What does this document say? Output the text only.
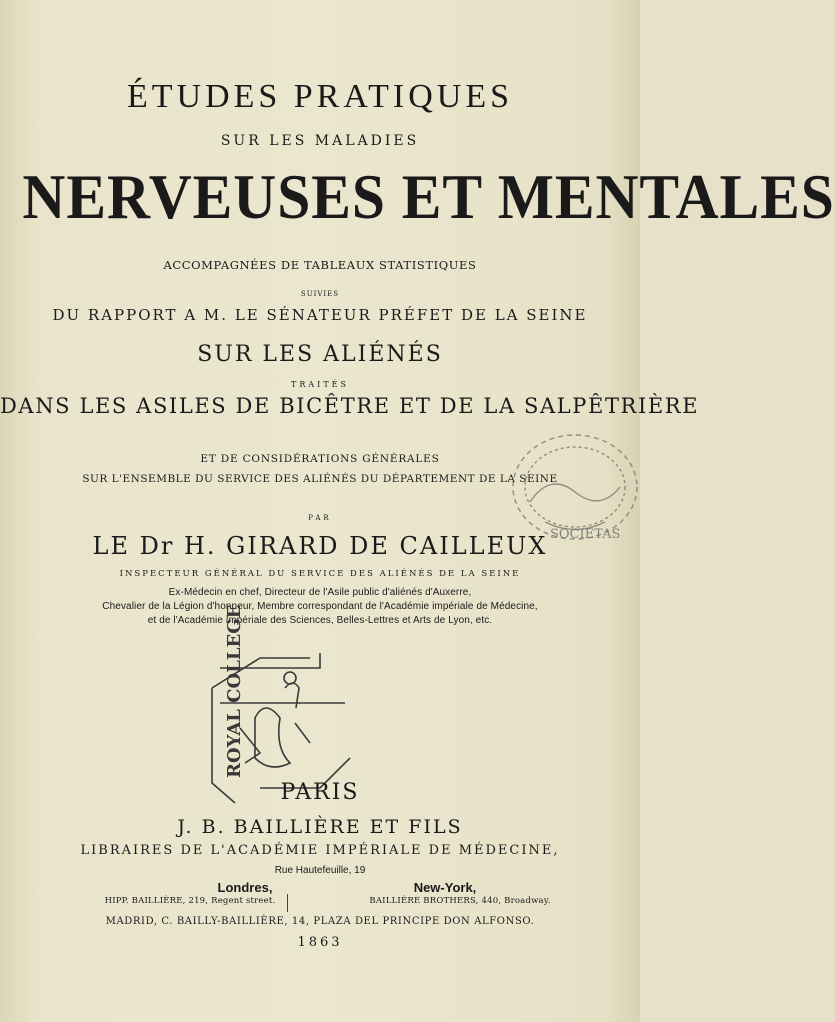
ÉTUDES PRATIQUES
SUR LES MALADIES
NERVEUSES ET MENTALES
ACCOMPAGNÉES DE TABLEAUX STATISTIQUES
SUIVIES
DU RAPPORT A M. LE SÉNATEUR PRÉFET DE LA SEINE
SUR LES ALIÉNÉS
TRAITÉS
DANS LES ASILES DE BICÊTRE ET DE LA SALPÊTRIÈRE
ET DE CONSIDÉRATIONS GÉNÉRALES
SUR L'ENSEMBLE DU SERVICE DES ALIÉNÉS DU DÉPARTEMENT DE LA SEINE
SOCIETAS
PAR
LE Dr H. GIRARD DE CAILLEUX
INSPECTEUR GÉNÉRAL DU SERVICE DES ALIÉNÉS DE LA SEINE
Ex-Médecin en chef, Directeur de l'Asile public d'aliénés d'Auxerre,
Chevalier de la Légion d'honneur, Membre correspondant de l'Académie impériale de Médecine,
et de l'Académie impériale des Sciences, Belles-Lettres et Arts de Lyon, etc.
ROYAL COLLEGE
PARIS
J. B. BAILLIÈRE ET FILS
LIBRAIRES DE L'ACADÉMIE IMPÉRIALE DE MÉDECINE,
Rue Hautefeuille, 19
Londres,
HIPP. BAILLIÈRE, 219, Regent street.
New-York,
BAILLIÈRE BROTHERS, 440, Broadway.
MADRID, C. BAILLY-BAILLIÈRE, 14, PLAZA DEL PRINCIPE DON ALFONSO.
1863
